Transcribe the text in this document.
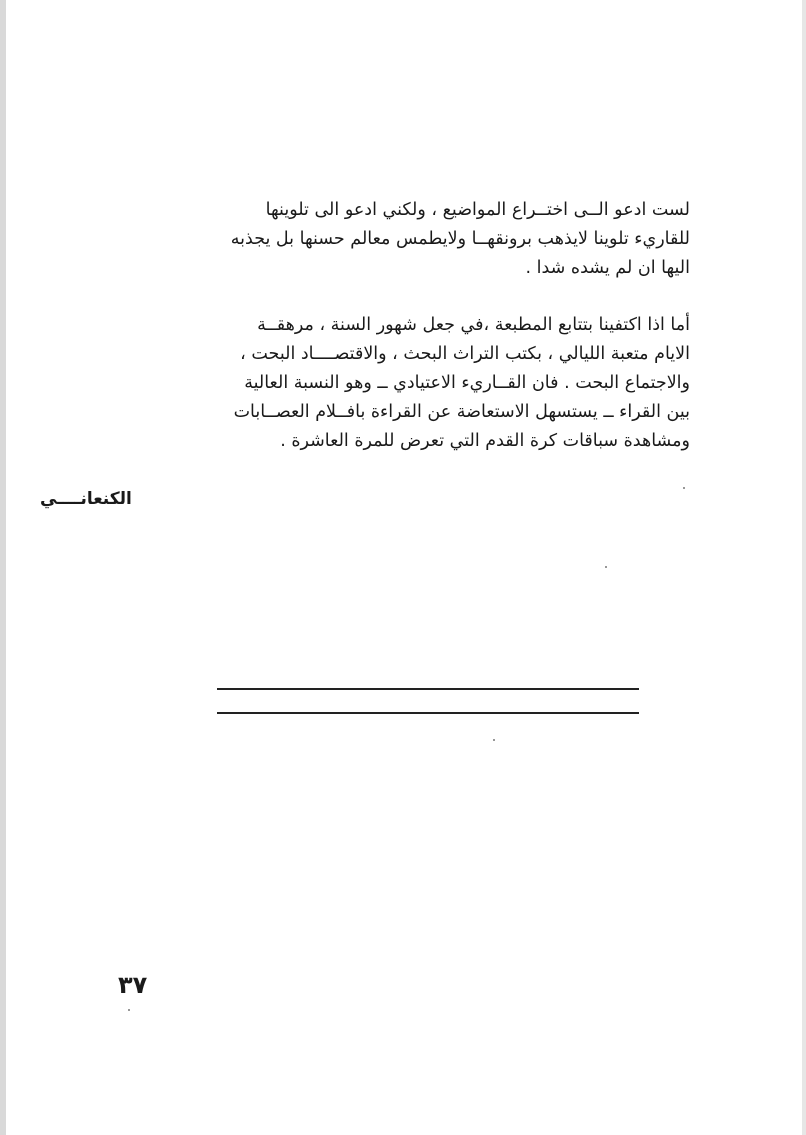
لست ادعو الــى اختــراع المواضيع ، ولكني ادعو الى تلوينها
للقاريء تلوينا لايذهب برونقهــا ولايطمس معالم حسنها بل يجذبه
اليها ان لم يشده شدا .
أما اذا اكتفينا بتتابع المطبعة ،في جعل شهور السنة ، مرهقــة
الايام متعبة الليالي ، بكتب التراث البحث ، والاقتصــــاد البحت ،
والاجتماع البحت . فان القــاريء الاعتيادي ــ وهو النسبة العالية
بين القراء ــ يستسهل الاستعاضة عن القراءة بافــلام العصــابات
ومشاهدة سباقات كرة القدم التي تعرض للمرة العاشرة .
الكنعانــــي
٣٧
